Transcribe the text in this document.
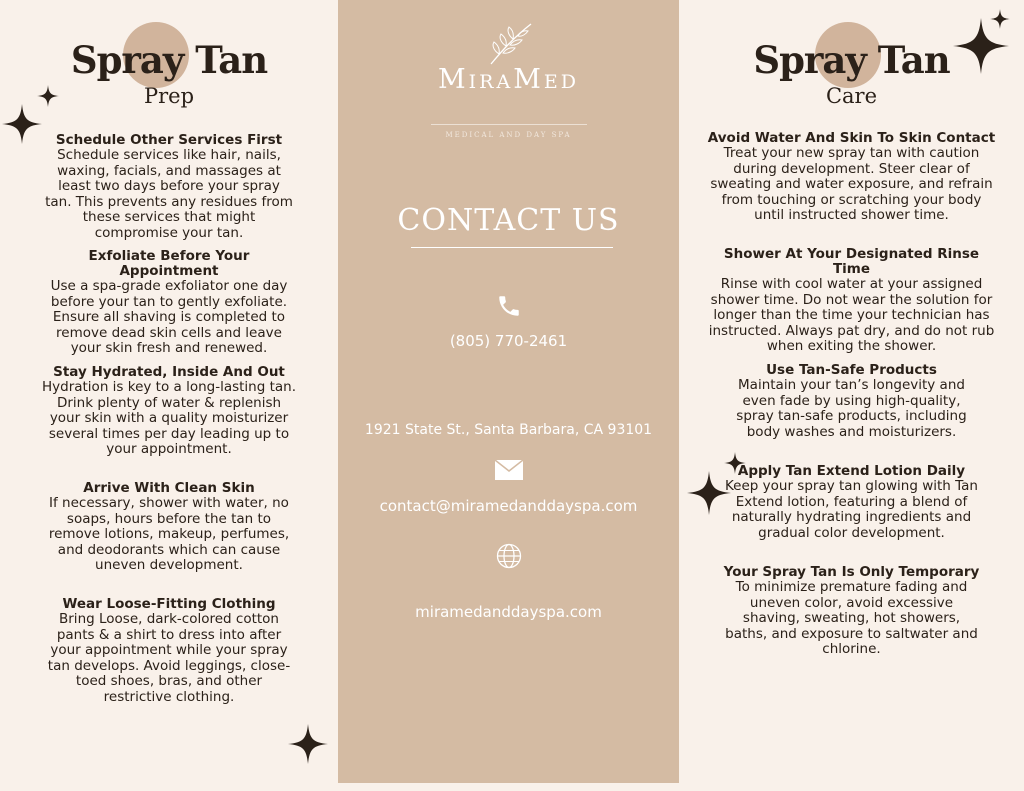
Spray Tan
Prep
Schedule Other Services First
Schedule services like hair, nails, waxing, facials, and massages at least two days before your spray tan. This prevents any residues from these services that might compromise your tan.
Exfoliate Before Your Appointment
Use a spa-grade exfoliator one day before your tan to gently exfoliate. Ensure all shaving is completed to remove dead skin cells and leave your skin fresh and renewed.
Stay Hydrated, Inside And Out
Hydration is key to a long-lasting tan. Drink plenty of water & replenish your skin with a quality moisturizer several times per day leading up to your appointment.
Arrive With Clean Skin
If necessary, shower with water, no soaps, hours before the tan to remove lotions, makeup, perfumes, and deodorants which can cause uneven development.
Wear Loose-Fitting Clothing
Bring Loose, dark-colored cotton pants & a shirt to dress into after your appointment while your spray tan develops. Avoid leggings, close-toed shoes, bras, and other restrictive clothing.
MiraMed
MEDICAL AND DAY SPA
CONTACT US
(805) 770-2461
1921 State St., Santa Barbara, CA 93101
contact@miramedanddayspa.com
miramedanddayspa.com
Spray Tan
Care
Avoid Water And Skin To Skin Contact
Treat your new spray tan with caution during development. Steer clear of sweating and water exposure, and refrain from touching or scratching your body until instructed shower time.
Shower At Your Designated Rinse Time
Rinse with cool water at your assigned shower time. Do not wear the solution for longer than the time your technician has instructed. Always pat dry, and do not rub when exiting the shower.
Use Tan-Safe Products
Maintain your tan’s longevity and even fade by using high-quality, spray tan-safe products, including body washes and moisturizers.
Apply Tan Extend Lotion Daily
Keep your spray tan glowing with Tan Extend lotion, featuring a blend of naturally hydrating ingredients and gradual color development.
Your Spray Tan Is Only Temporary
To minimize premature fading and uneven color, avoid excessive shaving, sweating, hot showers, baths, and exposure to saltwater and chlorine.
